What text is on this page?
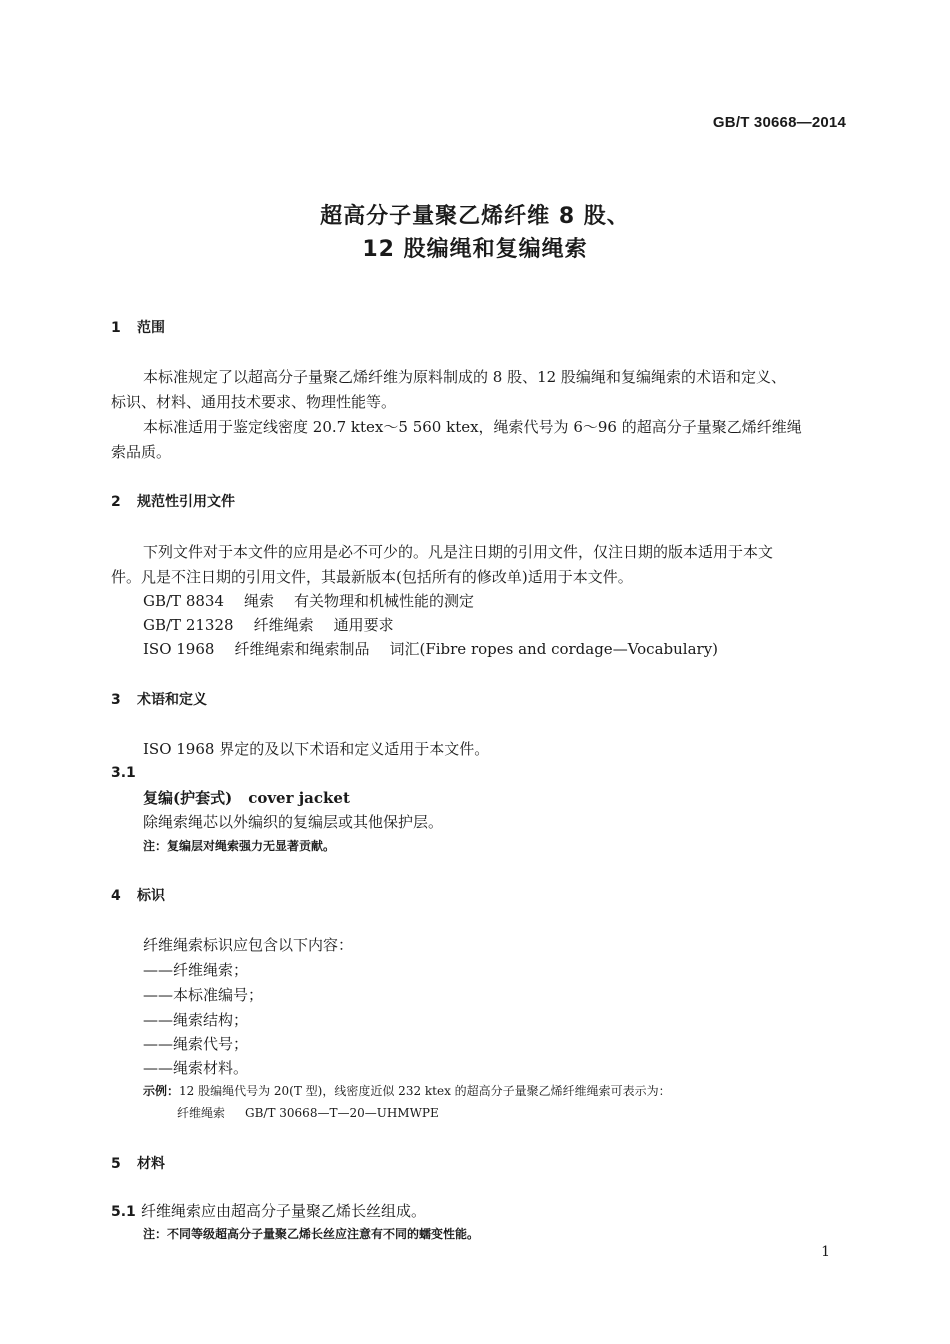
GB/T 30668—2014
超高分子量聚乙烯纤维 8 股、
12 股编绳和复编绳索
1 范围
本标准规定了以超高分子量聚乙烯纤维为原料制成的 8 股、12 股编绳和复编绳索的术语和定义、
标识、材料、通用技术要求、物理性能等。
本标准适用于鉴定线密度 20.7 ktex～5 560 ktex，绳索代号为 6～96 的超高分子量聚乙烯纤维绳
索品质。
2 规范性引用文件
下列文件对于本文件的应用是必不可少的。凡是注日期的引用文件，仅注日期的版本适用于本文
件。凡是不注日期的引用文件，其最新版本(包括所有的修改单)适用于本文件。
GB/T 8834 绳索 有关物理和机械性能的测定
GB/T 21328 纤维绳索 通用要求
ISO 1968 纤维绳索和绳索制品 词汇(Fibre ropes and cordage—Vocabulary)
3 术语和定义
ISO 1968 界定的及以下术语和定义适用于本文件。
3.1
复编(护套式) cover jacket
除绳索绳芯以外编织的复编层或其他保护层。
注：复编层对绳索强力无显著贡献。
4 标识
纤维绳索标识应包含以下内容：
——纤维绳索；
——本标准编号；
——绳索结构；
——绳索代号；
——绳索材料。
示例：12 股编绳代号为 20(T 型)，线密度近似 232 ktex 的超高分子量聚乙烯纤维绳索可表示为：
纤维绳索 GB/T 30668—T—20—UHMWPE
5 材料
5.1 纤维绳索应由超高分子量聚乙烯长丝组成。
注：不同等级超高分子量聚乙烯长丝应注意有不同的蠕变性能。
1
